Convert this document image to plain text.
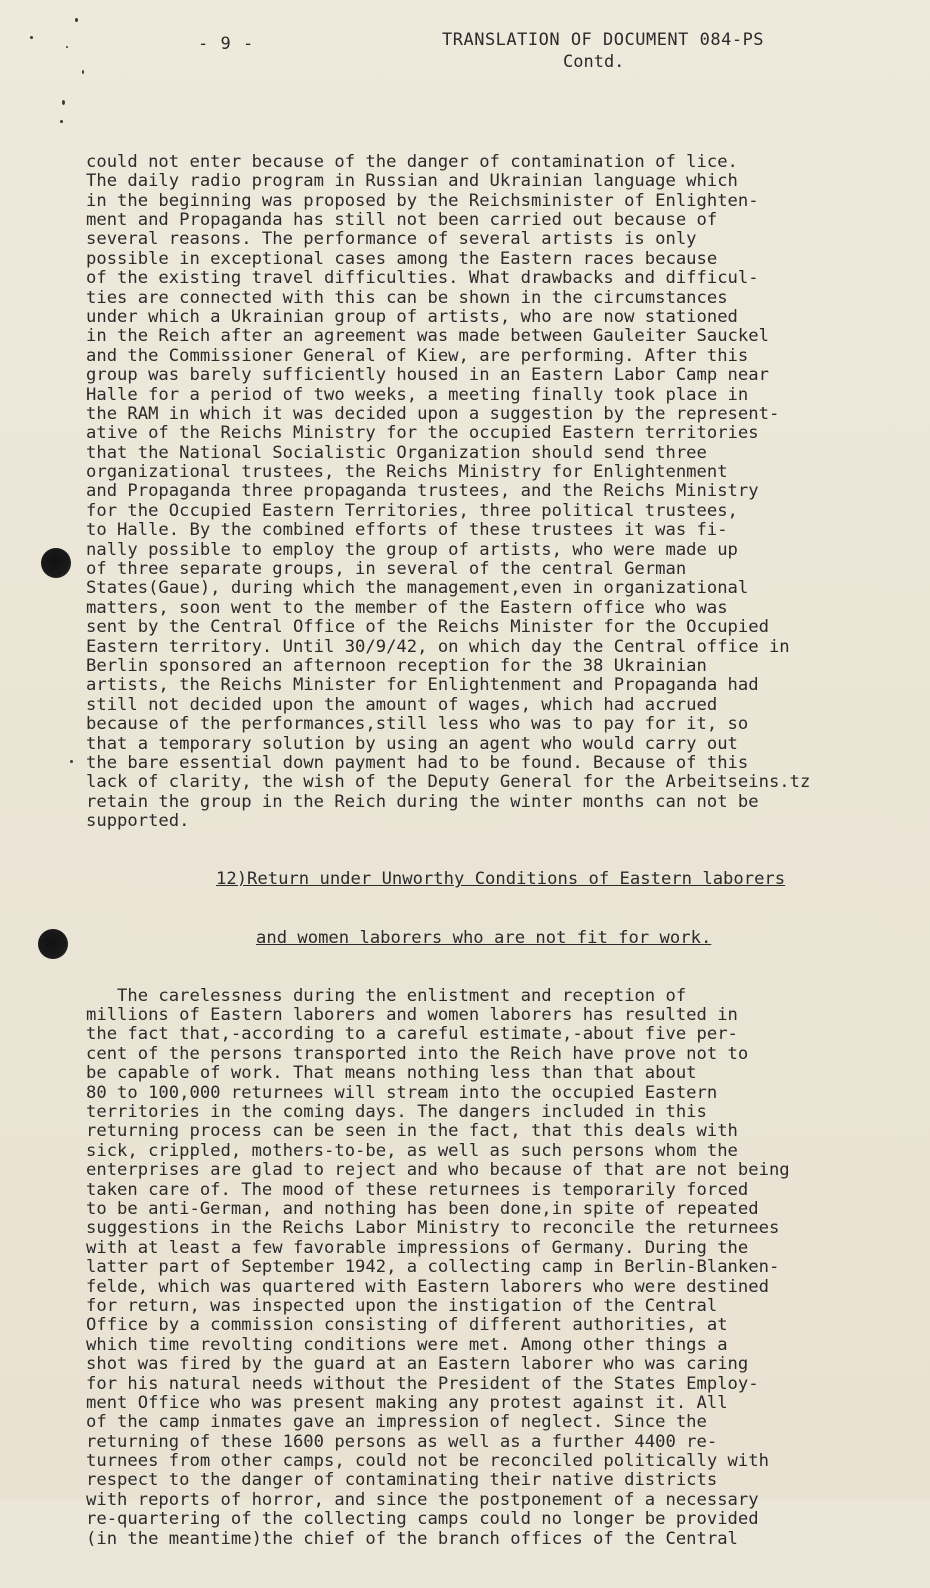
- 9 -	TRANSLATION OF DOCUMENT 084-PS
Contd.

could not enter because of the danger of contamination of lice.
The daily radio program in Russian and Ukrainian language which
in the beginning was proposed by the Reichsminister of Enlighten-
ment and Propaganda has still not been carried out because of
several reasons. The performance of several artists is only
possible in exceptional cases among the Eastern races because
of the existing travel difficulties. What drawbacks and difficul-
ties are connected with this can be shown in the circumstances
under which a Ukrainian group of artists, who are now stationed
in the Reich after an agreement was made between Gauleiter Sauckel
and the Commissioner General of Kiew, are performing. After this
group was barely sufficiently housed in an Eastern Labor Camp near
Halle for a period of two weeks, a meeting finally took place in
the RAM in which it was decided upon a suggestion by the represent-
ative of the Reichs Ministry for the occupied Eastern territories
that the National Socialistic Organization should send three
organizational trustees, the Reichs Ministry for Enlightenment
and Propaganda three propaganda trustees, and the Reichs Ministry
for the Occupied Eastern Territories, three political trustees,
to Halle. By the combined efforts of these trustees it was fi-
nally possible to employ the group of artists, who were made up
of three separate groups, in several of the central German
States(Gaue), during which the management,even in organizational
matters, soon went to the member of the Eastern office who was
sent by the Central Office of the Reichs Minister for the Occupied
Eastern territory. Until 30/9/42, on which day the Central office in
Berlin sponsored an afternoon reception for the 38 Ukrainian
artists, the Reichs Minister for Enlightenment and Propaganda had
still not decided upon the amount of wages, which had accrued
because of the performances,still less who was to pay for it, so
that a temporary solution by using an agent who would carry out
the bare essential down payment had to be found. Because of this
lack of clarity, the wish of the Deputy General for the Arbeitseins.tz
retain the group in the Reich during the winter months can not be
supported.

12)Return under Unworthy Conditions of Eastern laborers

and women laborers who are not fit for work.

The carelessness during the enlistment and reception of
millions of Eastern laborers and women laborers has resulted in
the fact that,-according to a careful estimate,-about five per-
cent of the persons transported into the Reich have prove not to
be capable of work. That means nothing less than that about
80 to 100,000 returnees will stream into the occupied Eastern
territories in the coming days. The dangers included in this
returning process can be seen in the fact, that this deals with
sick, crippled, mothers-to-be, as well as such persons whom the
enterprises are glad to reject and who because of that are not being
taken care of. The mood of these returnees is temporarily forced
to be anti-German, and nothing has been done,in spite of repeated
suggestions in the Reichs Labor Ministry to reconcile the returnees
with at least a few favorable impressions of Germany. During the
latter part of September 1942, a collecting camp in Berlin-Blanken-
felde, which was quartered with Eastern laborers who were destined
for return, was inspected upon the instigation of the Central
Office by a commission consisting of different authorities, at
which time revolting conditions were met. Among other things a
shot was fired by the guard at an Eastern laborer who was caring
for his natural needs without the President of the States Employ-
ment Office who was present making any protest against it. All
of the camp inmates gave an impression of neglect. Since the
returning of these 1600 persons as well as a further 4400 re-
turnees from other camps, could not be reconciled politically with
respect to the danger of contaminating their native districts
with reports of horror, and since the postponement of a necessary
re-quartering of the collecting camps could no longer be provided
(in the meantime)the chief of the branch offices of the Central
